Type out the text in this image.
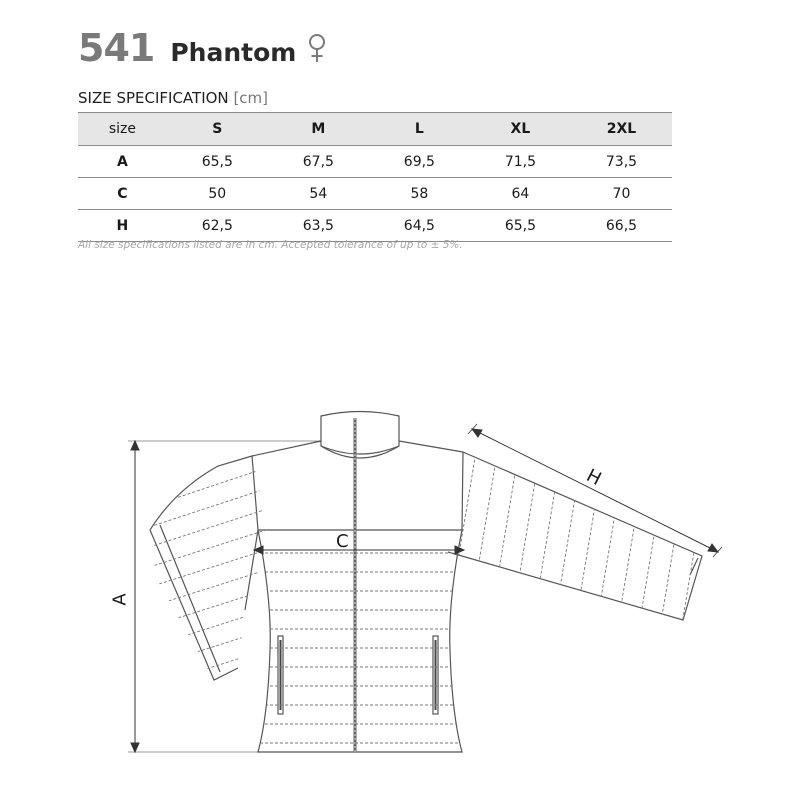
541 Phantom
SIZE SPECIFICATION [cm]
size	S	M	L	XL	2XL
A	65,5	67,5	69,5	71,5	73,5
C	50	54	58	64	70
H	62,5	63,5	64,5	65,5	66,5
All size specifications listed are in cm. Accepted tolerance of up to ± 5%.
A
C
H
